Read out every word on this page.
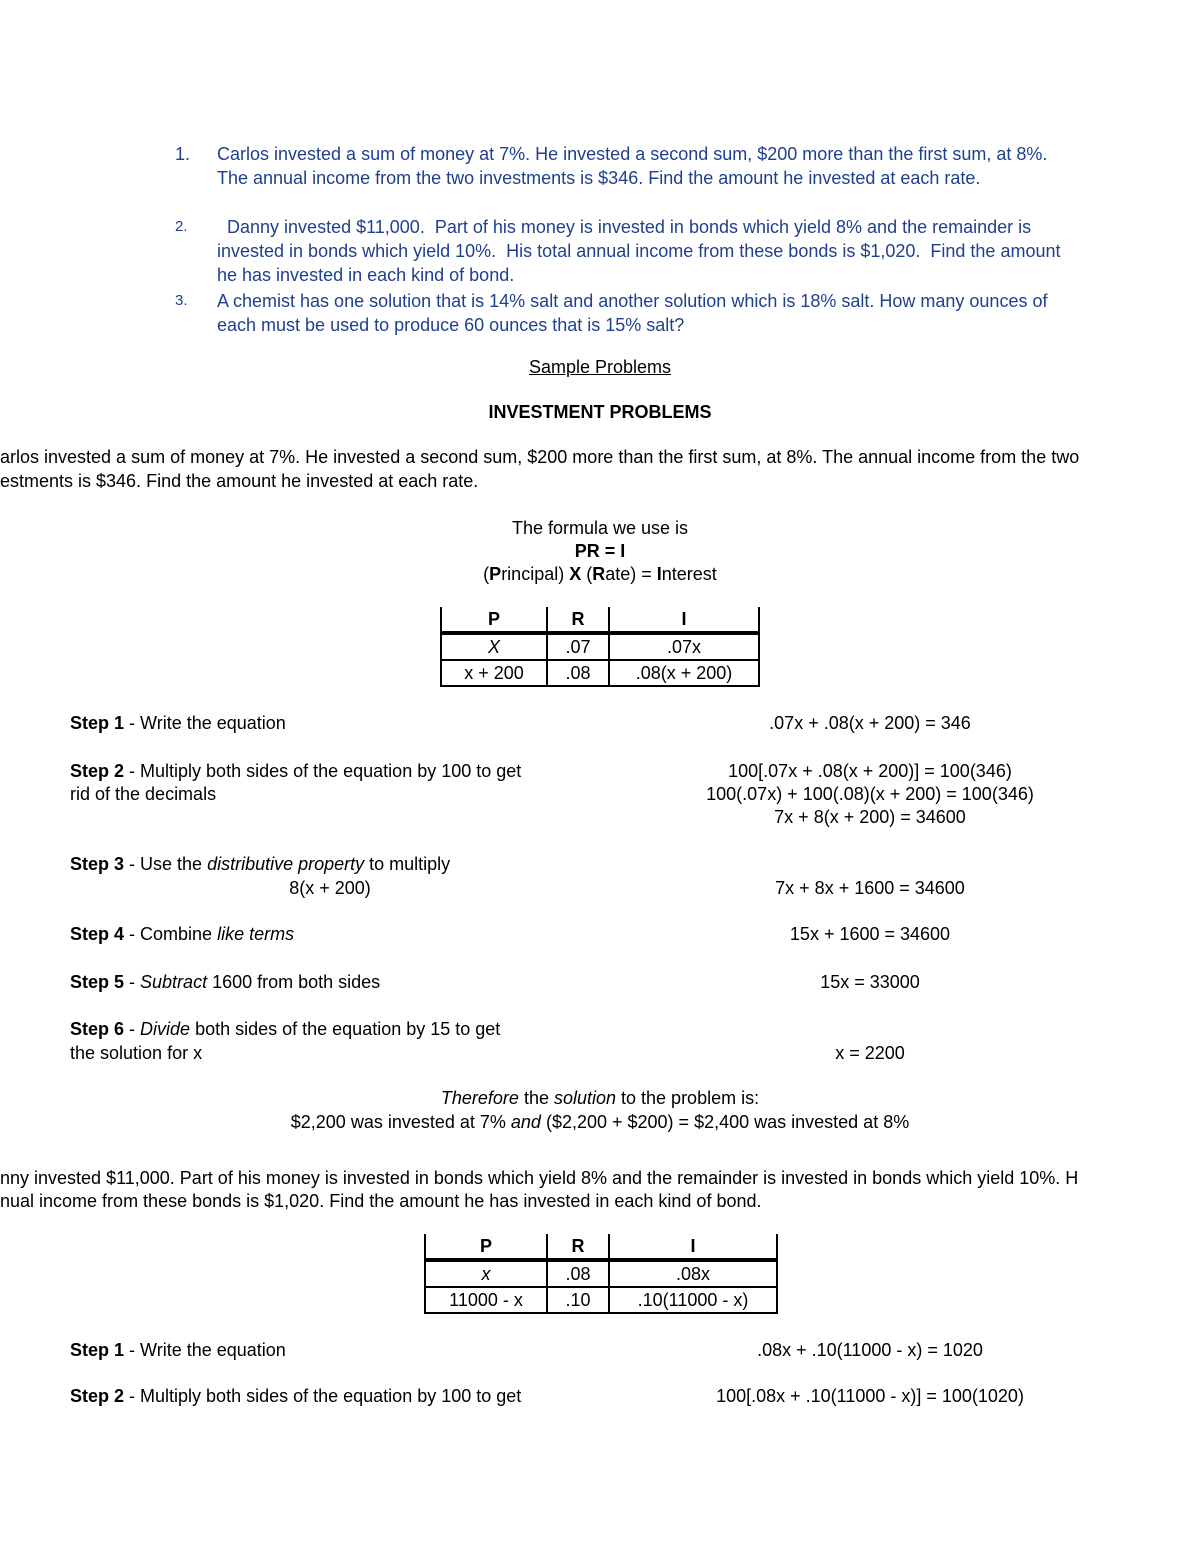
1. Carlos invested a sum of money at 7%. He invested a second sum, $200 more than the first sum, at 8%. The annual income from the two investments is $346. Find the amount he invested at each rate.
2. Danny invested $11,000.  Part of his money is invested in bonds which yield 8% and the remainder is invested in bonds which yield 10%.  His total annual income from these bonds is $1,020.  Find the amount he has invested in each kind of bond.
3. A chemist has one solution that is 14% salt and another solution which is 18% salt. How many ounces of each must be used to produce 60 ounces that is 15% salt?
Sample Problems
INVESTMENT PROBLEMS
arlos invested a sum of money at 7%. He invested a second sum, $200 more than the first sum, at 8%. The annual income from the two
estments is $346. Find the amount he invested at each rate.
The formula we use is
PR = I
(Principal) X (Rate) = Interest
P	R	I
X	.07	.07x
x + 200	.08	.08(x + 200)
Step 1 - Write the equation	.07x + .08(x + 200) = 346
Step 2 - Multiply both sides of the equation by 100 to get
rid of the decimals
100[.07x + .08(x + 200)] = 100(346)
100(.07x) + 100(.08)(x + 200) = 100(346)
7x + 8(x + 200) = 34600
Step 3 - Use the distributive property to multiply
8(x + 200)	7x + 8x + 1600 = 34600
Step 4 - Combine like terms	15x + 1600 = 34600
Step 5 - Subtract 1600 from both sides	15x = 33000
Step 6 - Divide both sides of the equation by 15 to get
the solution for x	x = 2200
Therefore the solution to the problem is:
$2,200 was invested at 7% and ($2,200 + $200) = $2,400 was invested at 8%
nny invested $11,000. Part of his money is invested in bonds which yield 8% and the remainder is invested in bonds which yield 10%. H
nual income from these bonds is $1,020. Find the amount he has invested in each kind of bond.
P	R	I
x	.08	.08x
11000 - x	.10	.10(11000 - x)
Step 1 - Write the equation	.08x + .10(11000 - x) = 1020
Step 2 - Multiply both sides of the equation by 100 to get	100[.08x + .10(11000 - x)] = 100(1020)
